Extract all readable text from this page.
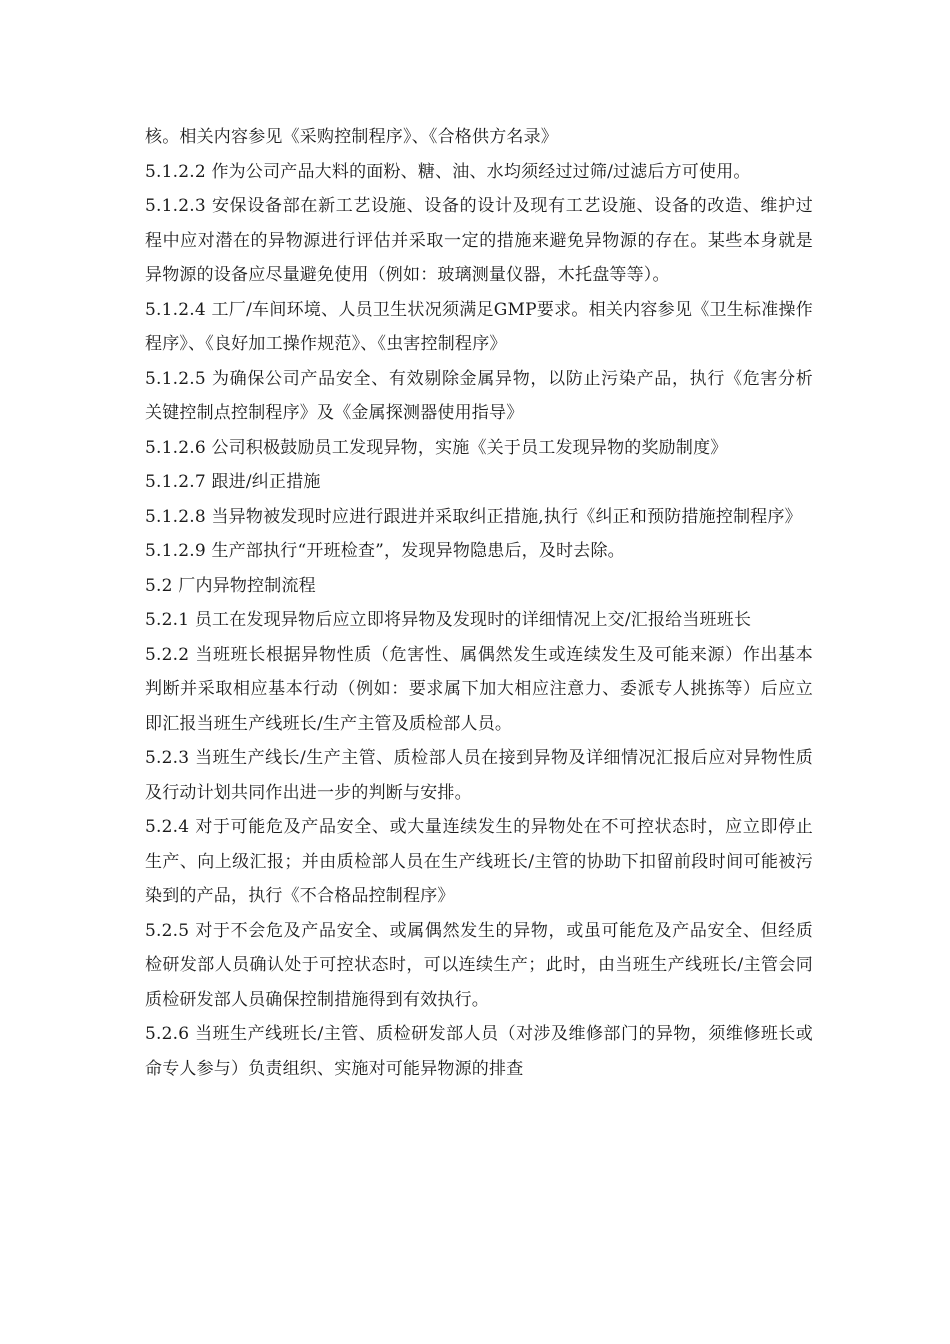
核。相关内容参见《采购控制程序》、《合格供方名录》

5.1.2.2 作为公司产品大料的面粉、糖、油、水均须经过过筛/过滤后方可使用。

5.1.2.3 安保设备部在新工艺设施、设备的设计及现有工艺设施、设备的改造、维护过程中应对潜在的异物源进行评估并采取一定的措施来避免异物源的存在。某些本身就是异物源的设备应尽量避免使用（例如：玻璃测量仪器，木托盘等等）。

5.1.2.4 工厂/车间环境、人员卫生状况须满足GMP要求。相关内容参见《卫生标准操作程序》、《良好加工操作规范》、《虫害控制程序》

5.1.2.5 为确保公司产品安全、有效剔除金属异物，以防止污染产品，执行《危害分析关键控制点控制程序》及《金属探测器使用指导》

5.1.2.6 公司积极鼓励员工发现异物，实施《关于员工发现异物的奖励制度》

5.1.2.7 跟进/纠正措施

5.1.2.8 当异物被发现时应进行跟进并采取纠正措施,执行《纠正和预防措施控制程序》

5.1.2.9 生产部执行“开班检查”，发现异物隐患后，及时去除。

5.2 厂内异物控制流程

5.2.1 员工在发现异物后应立即将异物及发现时的详细情况上交/汇报给当班班长

5.2.2 当班班长根据异物性质（危害性、属偶然发生或连续发生及可能来源）作出基本判断并采取相应基本行动（例如：要求属下加大相应注意力、委派专人挑拣等）后应立即汇报当班生产线班长/生产主管及质检部人员。

5.2.3 当班生产线长/生产主管、质检部人员在接到异物及详细情况汇报后应对异物性质及行动计划共同作出进一步的判断与安排。

5.2.4 对于可能危及产品安全、或大量连续发生的异物处在不可控状态时，应立即停止生产、向上级汇报；并由质检部人员在生产线班长/主管的协助下扣留前段时间可能被污染到的产品，执行《不合格品控制程序》

5.2.5 对于不会危及产品安全、或属偶然发生的异物，或虽可能危及产品安全、但经质检研发部人员确认处于可控状态时，可以连续生产；此时，由当班生产线班长/主管会同质检研发部人员确保控制措施得到有效执行。

5.2.6 当班生产线班长/主管、质检研发部人员（对涉及维修部门的异物，须维修班长或命专人参与）负责组织、实施对可能异物源的排查
